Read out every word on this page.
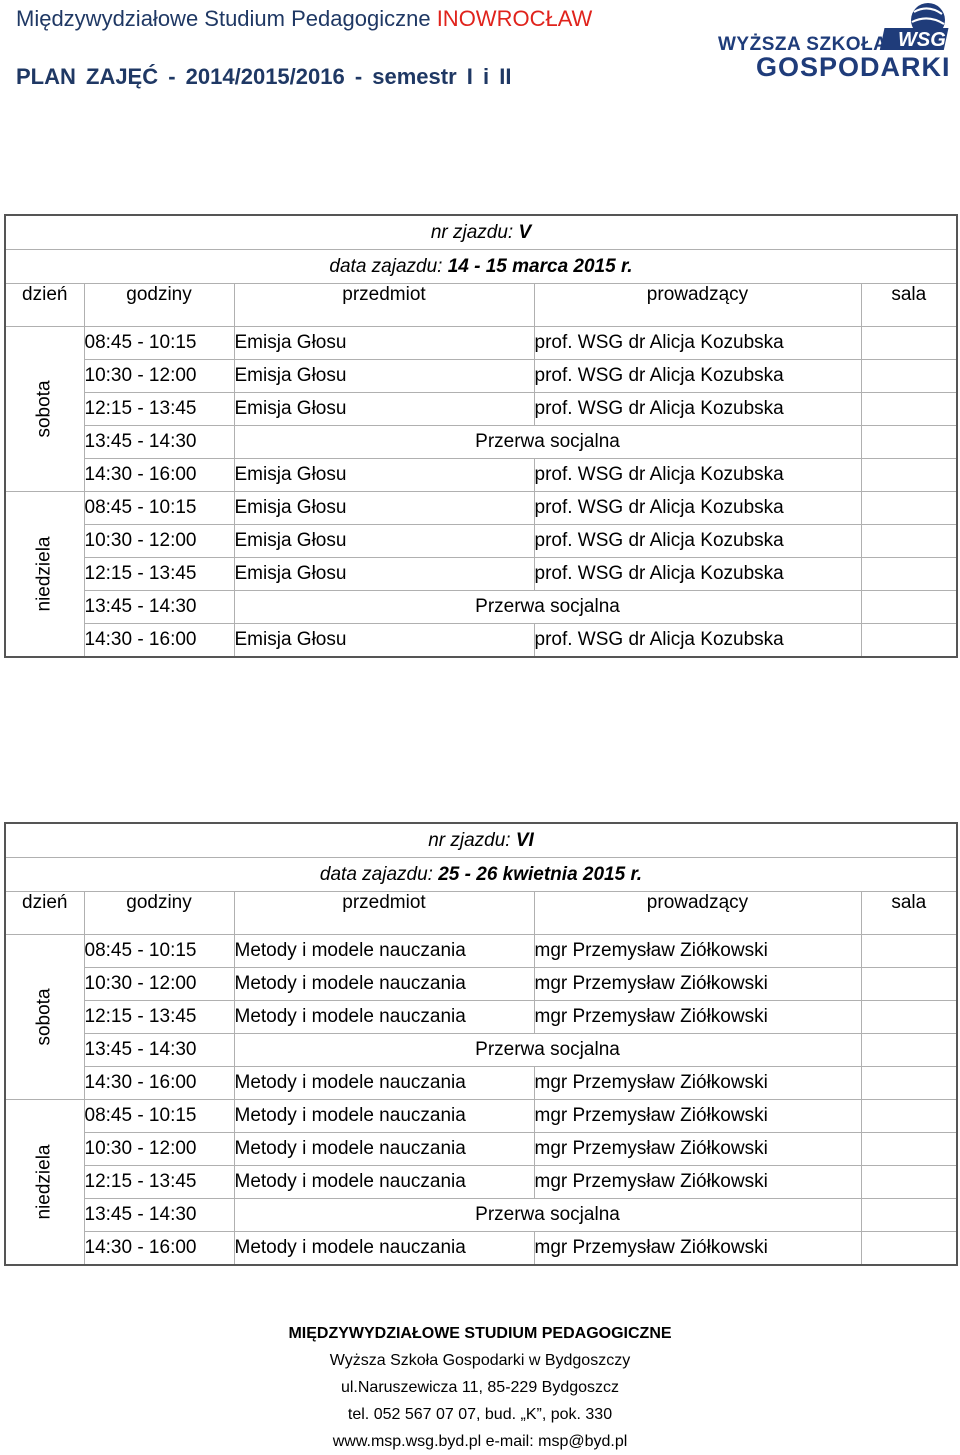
Międzywydziałowe Studium Pedagogiczne INOWROCŁAW
PLAN ZAJĘĆ - 2014/2015/2016 - semestr I i II
WSG
WYŻSZA SZKOŁA
GOSPODARKI
nr zjazdu: V				
data zajazdu: 14 - 15 marca 2015 r.				
dzień	godziny	przedmiot	prowadzący	sala
sobota	08:45 - 10:15	Emisja Głosu	prof. WSG dr Alicja Kozubska	
	10:30 - 12:00	Emisja Głosu	prof. WSG dr Alicja Kozubska	
	12:15 - 13:45	Emisja Głosu	prof. WSG dr Alicja Kozubska	
	13:45 - 14:30	Przerwa socjalna		
	14:30 - 16:00	Emisja Głosu	prof. WSG dr Alicja Kozubska	
niedziela	08:45 - 10:15	Emisja Głosu	prof. WSG dr Alicja Kozubska	
	10:30 - 12:00	Emisja Głosu	prof. WSG dr Alicja Kozubska	
	12:15 - 13:45	Emisja Głosu	prof. WSG dr Alicja Kozubska	
	13:45 - 14:30	Przerwa socjalna		
	14:30 - 16:00	Emisja Głosu	prof. WSG dr Alicja Kozubska	
nr zjazdu: VI				
data zajazdu: 25 - 26 kwietnia 2015 r.				
dzień	godziny	przedmiot	prowadzący	sala
sobota	08:45 - 10:15	Metody i modele nauczania	mgr Przemysław Ziółkowski	
	10:30 - 12:00	Metody i modele nauczania	mgr Przemysław Ziółkowski	
	12:15 - 13:45	Metody i modele nauczania	mgr Przemysław Ziółkowski	
	13:45 - 14:30	Przerwa socjalna		
	14:30 - 16:00	Metody i modele nauczania	mgr Przemysław Ziółkowski	
niedziela	08:45 - 10:15	Metody i modele nauczania	mgr Przemysław Ziółkowski	
	10:30 - 12:00	Metody i modele nauczania	mgr Przemysław Ziółkowski	
	12:15 - 13:45	Metody i modele nauczania	mgr Przemysław Ziółkowski	
	13:45 - 14:30	Przerwa socjalna		
	14:30 - 16:00	Metody i modele nauczania	mgr Przemysław Ziółkowski	
MIĘDZYWYDZIAŁOWE STUDIUM PEDAGOGICZNE
Wyższa Szkoła Gospodarki w Bydgoszczy
ul.Naruszewicza 11, 85-229 Bydgoszcz
tel. 052 567 07 07, bud. „K”, pok. 330
www.msp.wsg.byd.pl e-mail: msp@byd.pl
